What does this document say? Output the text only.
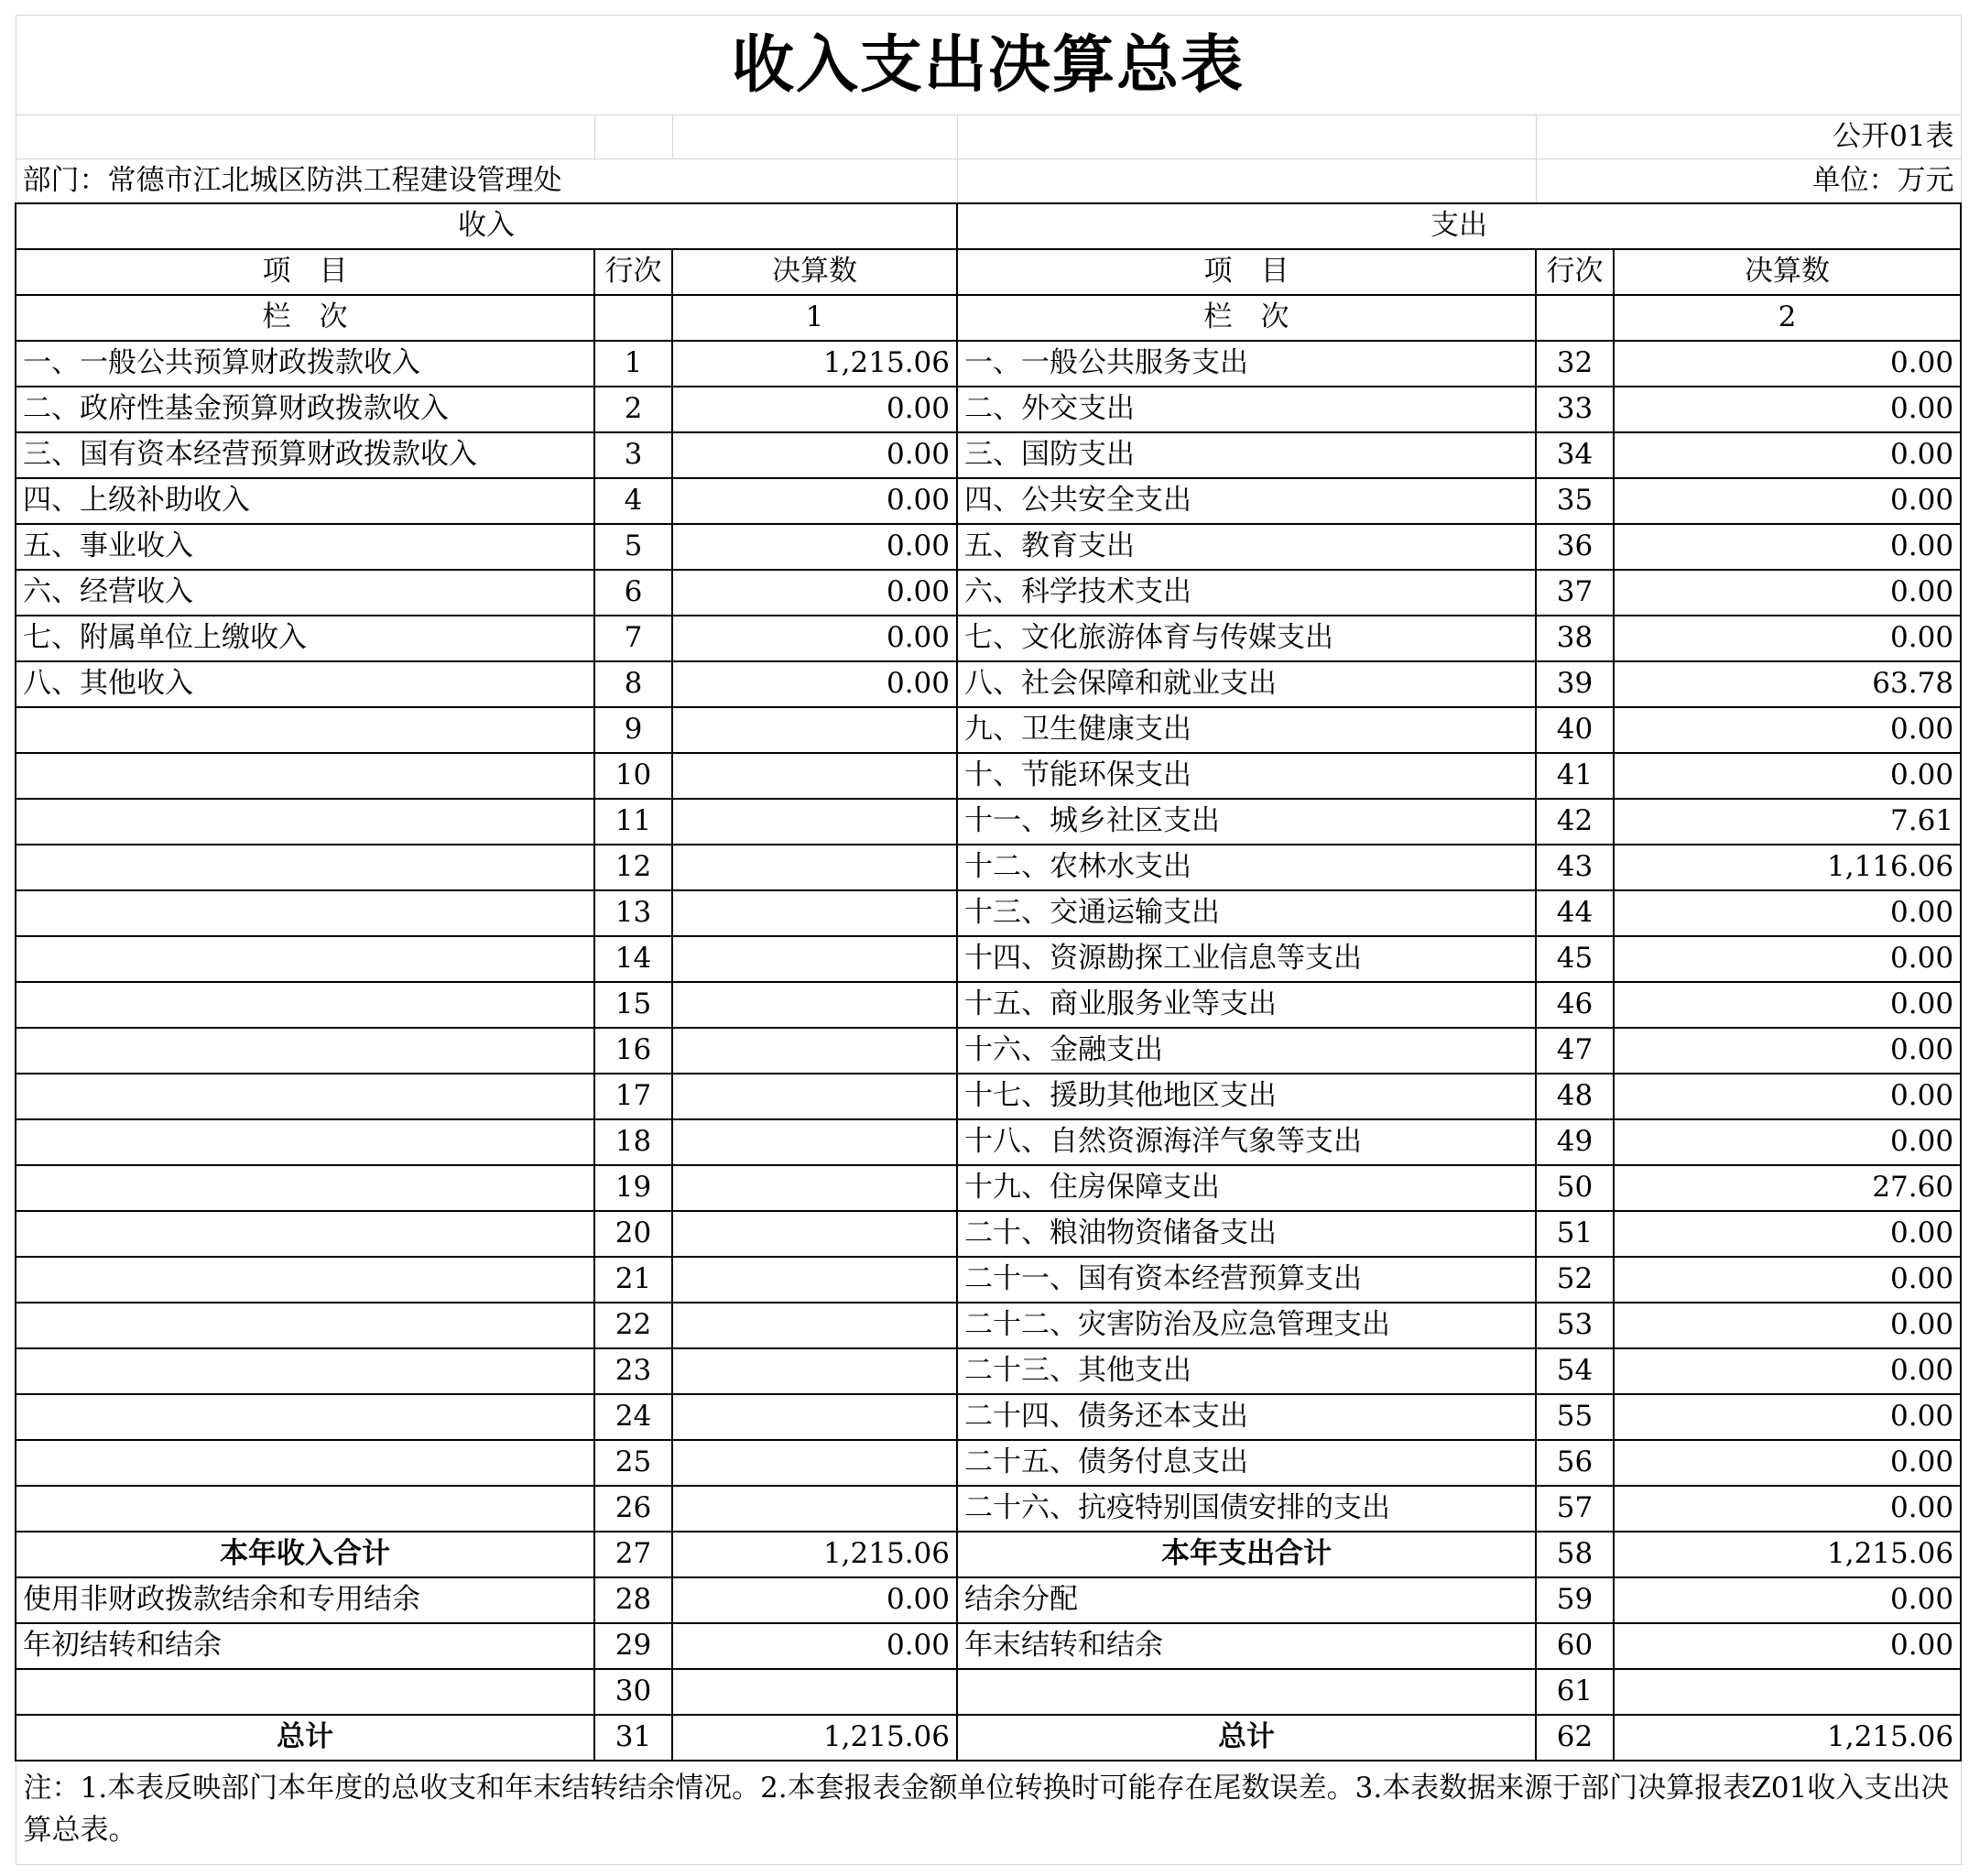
收入支出决算总表					
				公开01表	
部门：常德市江北城区防洪工程建设管理处				单位：万元	
收入			支出		
项　目	行次	决算数	项　目	行次	决算数
栏　次		1	栏　次		2
一、一般公共预算财政拨款收入	1	1,215.06	一、一般公共服务支出	32	0.00
二、政府性基金预算财政拨款收入	2	0.00	二、外交支出	33	0.00
三、国有资本经营预算财政拨款收入	3	0.00	三、国防支出	34	0.00
四、上级补助收入	4	0.00	四、公共安全支出	35	0.00
五、事业收入	5	0.00	五、教育支出	36	0.00
六、经营收入	6	0.00	六、科学技术支出	37	0.00
七、附属单位上缴收入	7	0.00	七、文化旅游体育与传媒支出	38	0.00
八、其他收入	8	0.00	八、社会保障和就业支出	39	63.78
	9		九、卫生健康支出	40	0.00
	10		十、节能环保支出	41	0.00
	11		十一、城乡社区支出	42	7.61
	12		十二、农林水支出	43	1,116.06
	13		十三、交通运输支出	44	0.00
	14		十四、资源勘探工业信息等支出	45	0.00
	15		十五、商业服务业等支出	46	0.00
	16		十六、金融支出	47	0.00
	17		十七、援助其他地区支出	48	0.00
	18		十八、自然资源海洋气象等支出	49	0.00
	19		十九、住房保障支出	50	27.60
	20		二十、粮油物资储备支出	51	0.00
	21		二十一、国有资本经营预算支出	52	0.00
	22		二十二、灾害防治及应急管理支出	53	0.00
	23		二十三、其他支出	54	0.00
	24		二十四、债务还本支出	55	0.00
	25		二十五、债务付息支出	56	0.00
	26		二十六、抗疫特别国债安排的支出	57	0.00
本年收入合计	27	1,215.06	本年支出合计	58	1,215.06
使用非财政拨款结余和专用结余	28	0.00	结余分配	59	0.00
年初结转和结余	29	0.00	年末结转和结余	60	0.00
	30			61	
总计	31	1,215.06	总计	62	1,215.06
注：1.本表反映部门本年度的总收支和年末结转结余情况。2.本套报表金额单位转换时可能存在尾数误差。3.本表数据来源于部门决算报表Z01收入支出决算总表。					
